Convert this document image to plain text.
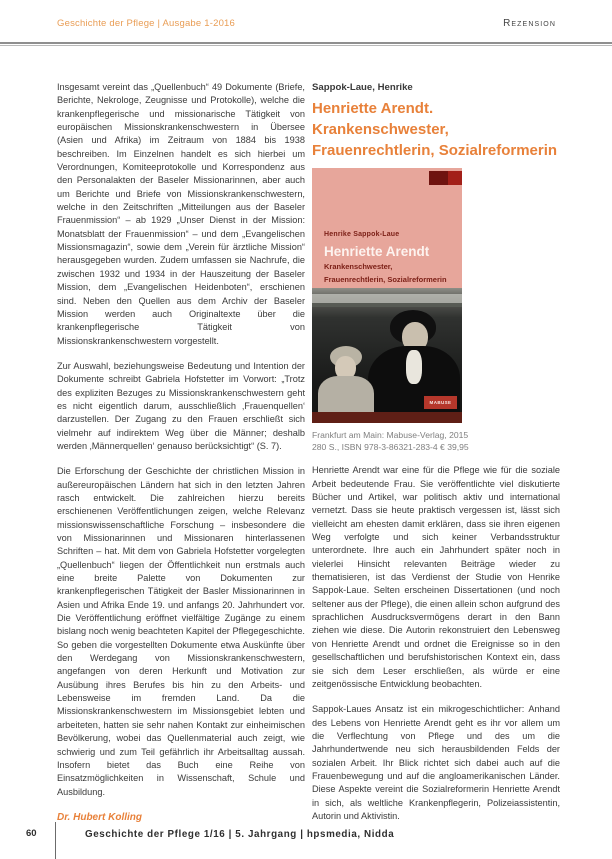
Geschichte der Pflege | Ausgabe 1-2016	Rezension

Insgesamt vereint das „Quellenbuch“ 49 Dokumente (Briefe, Berichte, Nekrologe, Zeugnisse und Protokolle), welche die krankenpflegerische und missionarische Tätigkeit von europäischen Missionskrankenschwestern in Übersee (Asien und Afrika) im Zeitraum von 1884 bis 1938 beschreiben. Im Einzelnen handelt es sich hierbei um Verordnungen, Komiteeprotokolle und Korrespondenz aus den Personalakten der Baseler Missionarinnen, aber auch um Berichte und Briefe von Missionskrankenschwestern, welche in den Zeitschriften „Mitteilungen aus der Baseler Frauenmission“ – ab 1929 „Unser Dienst in der Mission: Monatsblatt der Frauenmission“ – und dem „Evangelischen Missionsmagazin“, sowie dem „Verein für ärztliche Mission“ herausgegeben wurden. Zudem umfassen sie Nachrufe, die zwischen 1932 und 1934 in der Hauszeitung der Baseler Mission, dem „Evangelischen Heidenboten“, erschienen sind. Neben den Quellen aus dem Archiv der Baseler Mission werden auch Originaltexte über die krankenpflegerische Tätigkeit von Missionskrankenschwestern vorgestellt.

Zur Auswahl, beziehungsweise Bedeutung und Intention der Dokumente schreibt Gabriela Hofstetter im Vorwort: „Trotz des expliziten Bezuges zu Missionskrankenschwestern geht es nicht eigentlich darum, ausschließlich ‚Frauenquellen‘ darzustellen. Der Zugang zu den Frauen erschließt sich vielmehr auf indirektem Weg über die Männer; deshalb werden ‚Männerquellen‘ genauso berücksichtigt“ (S. 7).

Die Erforschung der Geschichte der christlichen Mission in außereuropäischen Ländern hat sich in den letzten Jahren rasch entwickelt. Die zahlreichen hierzu bereits erschienenen Veröffentlichungen zeigen, welche Relevanz missionswissenschaftliche Forschung – insbesondere die von Missionarinnen und Missionaren hinterlassenen Schriften – hat. Mit dem von Gabriela Hofstetter vorgelegten „Quellenbuch“ liegen der Öffentlichkeit nun erstmals auch eine breite Palette von Dokumenten zur krankenpflegerischen Tätigkeit der Basler Missionarinnen in Asien und Afrika Ende 19. und anfangs 20. Jahrhundert vor. Die Veröffentlichung eröffnet vielfältige Zugänge zu einem bislang noch wenig beachteten Kapitel der Pflegegeschichte. So geben die vorgestellten Dokumente etwa Auskünfte über den Werdegang von Missionskrankenschwestern, angefangen von deren Herkunft und Motivation zur Ausübung ihres Berufes bis hin zu den Arbeits- und Lebensweise im fremden Land. Da die Missionskrankenschwestern im Missionsgebiet lebten und arbeiteten, hatten sie sehr nahen Kontakt zur einheimischen Bevölkerung, wobei das Quellenmaterial auch zeigt, wie schwierig und zum Teil gefährlich ihr Arbeitsalltag aussah. Insofern bietet das Buch eine Reihe von Einsatzmöglichkeiten in Wissenschaft, Schule und Ausbildung.

Dr. Hubert Kolling
Sappok-Laue, Henrike
Henriette Arendt.
Krankenschwester,
Frauenrechtlerin, Sozialreformerin
Henrike Sappok-Laue
Henriette Arendt
Krankenschwester,
Frauenrechtlerin, Sozialreformerin
MABUSE
Frankfurt am Main: Mabuse-Verlag, 2015
280 S., ISBN 978-3-86321-283-4 € 39,95

Henriette Arendt war eine für die Pflege wie für die soziale Arbeit bedeutende Frau. Sie veröffentlichte viel diskutierte Bücher und Artikel, war politisch aktiv und international vernetzt. Dass sie heute praktisch vergessen ist, lässt sich vielleicht am ehesten damit erklären, dass sie ihren eigenen Weg verfolgte und sich keiner Verbandsstruktur unterordnete. Ihre auch ein Jahrhundert später noch in vielerlei Hinsicht relevanten Beiträge wieder zu thematisieren, ist das Verdienst der Studie von Henrike Sappok-Laue. Selten erscheinen Dissertationen (und noch seltener aus der Pflege), die einen allein schon aufgrund des sprachlichen Ausdrucksvermögens derart in den Bann ziehen wie diese. Die Autorin rekonstruiert den Lebensweg von Henriette Arendt und ordnet die Ereignisse so in den gesellschaftlichen und berufshistorischen Kontext ein, dass sie sich dem Leser erschließen, als würde er eine zeitgenössische Entwicklung beobachten.

Sappok-Laues Ansatz ist ein mikrogeschichtlicher: Anhand des Lebens von Henriette Arendt geht es ihr vor allem um die Verflechtung von Pflege und des um die Jahrhundertwende neu sich herausbildenden Felds der sozialen Arbeit. Ihr Blick richtet sich dabei auch auf die Frauenbewegung und auf die angloamerikanischen Länder. Diese Aspekte vereint die Sozialreformerin Henriette Arendt in sich, als weltliche Krankenpflegerin, Polizeiassistentin, Autorin und Aktivistin.

60	Geschichte der Pflege 1/16 | 5. Jahrgang | hpsmedia, Nidda
